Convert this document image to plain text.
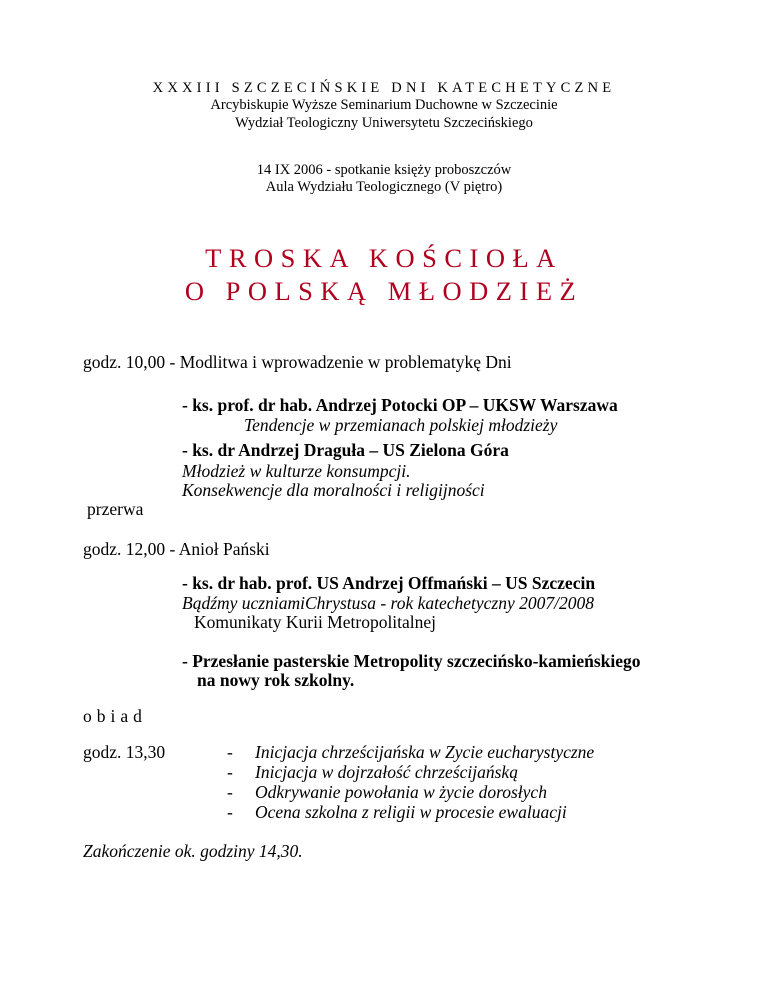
XXXIII SZCZECIŃSKIE DNI KATECHETYCZNE
Arcybiskupie Wyższe Seminarium Duchowne w Szczecinie
Wydział Teologiczny Uniwersytetu Szczecińskiego
14 IX 2006 - spotkanie księży proboszczów
Aula Wydziału Teologicznego (V piętro)
TROSKA KOŚCIOŁA
O POLSKĄ MŁODZIEŻ
godz. 10,00 - Modlitwa i wprowadzenie w problematykę Dni
- ks. prof. dr hab. Andrzej Potocki OP – UKSW Warszawa
Tendencje w przemianach polskiej młodzieży
- ks. dr Andrzej Draguła – US Zielona Góra
Młodzież w kulturze konsumpcji.
Konsekwencje dla moralności i religijności
przerwa
godz. 12,00 - Anioł Pański
- ks. dr hab. prof. US Andrzej Offmański – US Szczecin
Bądźmy uczniamiChrystusa - rok katechetyczny 2007/2008
Komunikaty Kurii Metropolitalnej
- Przesłanie pasterskie Metropolity szczecińsko-kamieńskiego
na nowy rok szkolny.
obiad
godz. 13,30	- Inicjacja chrześcijańska w Zycie eucharystyczne
- Inicjacja w dojrzałość chrześcijańską
- Odkrywanie powołania w życie dorosłych
- Ocena szkolna z religii w procesie ewaluacji
Zakończenie ok. godziny 14,30.
